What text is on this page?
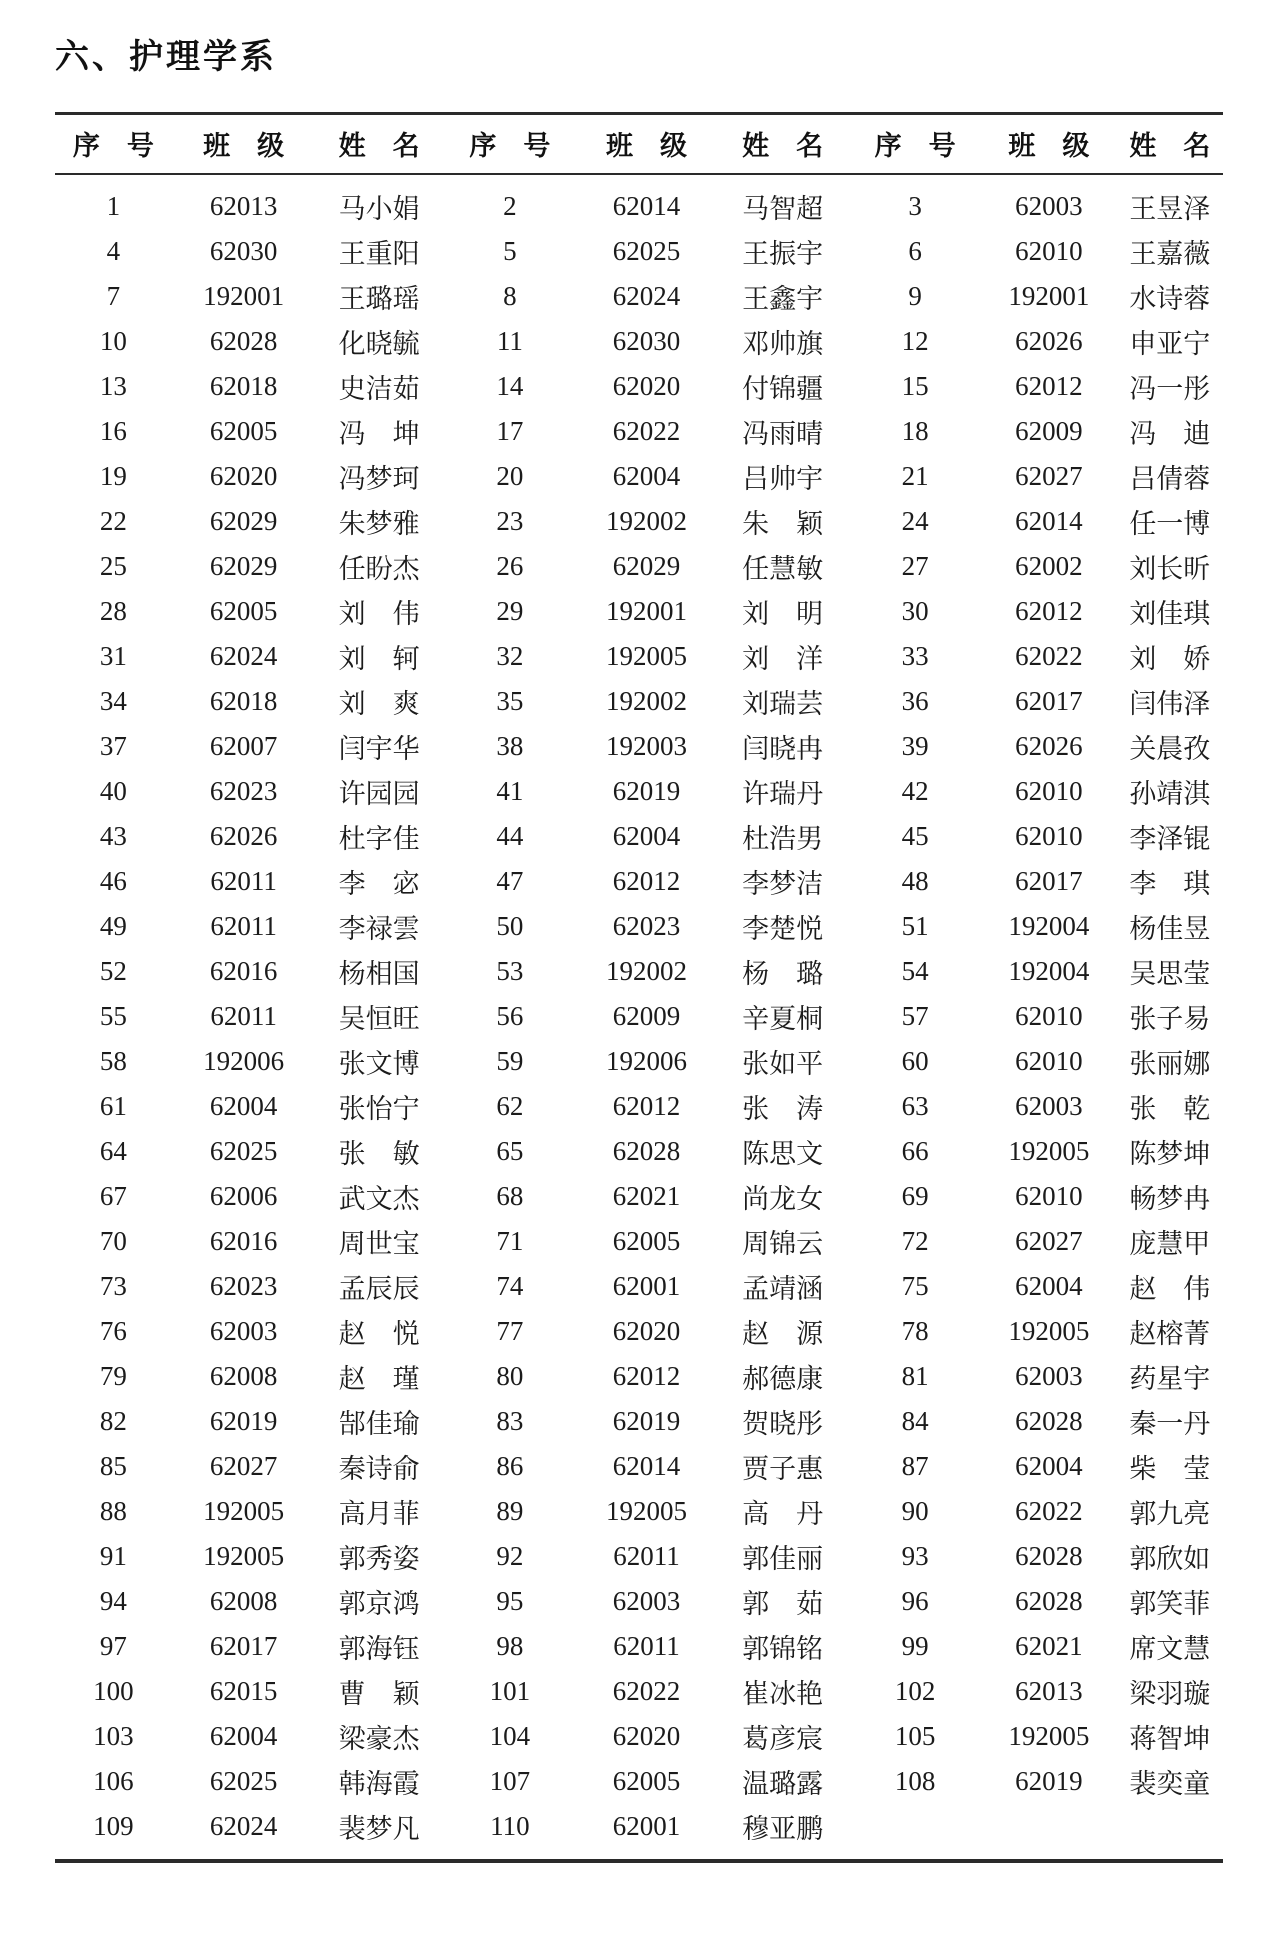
六、护理学系
序　号	班　级	姓　名	序　号	班　级	姓　名	序　号	班　级	姓　名
1	62013	马小娟	2	62014	马智超	3	62003	王昱泽
4	62030	王重阳	5	62025	王振宇	6	62010	王嘉薇
7	192001	王璐瑶	8	62024	王鑫宇	9	192001	水诗蓉
10	62028	化晓毓	11	62030	邓帅旗	12	62026	申亚宁
13	62018	史洁茹	14	62020	付锦疆	15	62012	冯一彤
16	62005	冯　坤	17	62022	冯雨晴	18	62009	冯　迪
19	62020	冯梦珂	20	62004	吕帅宇	21	62027	吕倩蓉
22	62029	朱梦雅	23	192002	朱　颖	24	62014	任一博
25	62029	任盼杰	26	62029	任慧敏	27	62002	刘长昕
28	62005	刘　伟	29	192001	刘　明	30	62012	刘佳琪
31	62024	刘　轲	32	192005	刘　洋	33	62022	刘　娇
34	62018	刘　爽	35	192002	刘瑞芸	36	62017	闫伟泽
37	62007	闫宇华	38	192003	闫晓冉	39	62026	关晨孜
40	62023	许园园	41	62019	许瑞丹	42	62010	孙靖淇
43	62026	杜字佳	44	62004	杜浩男	45	62010	李泽锟
46	62011	李　宓	47	62012	李梦洁	48	62017	李　琪
49	62011	李禄雲	50	62023	李楚悦	51	192004	杨佳昱
52	62016	杨相国	53	192002	杨　璐	54	192004	吴思莹
55	62011	吴恒旺	56	62009	辛夏桐	57	62010	张子易
58	192006	张文博	59	192006	张如平	60	62010	张丽娜
61	62004	张怡宁	62	62012	张　涛	63	62003	张　乾
64	62025	张　敏	65	62028	陈思文	66	192005	陈梦坤
67	62006	武文杰	68	62021	尚龙女	69	62010	畅梦冉
70	62016	周世宝	71	62005	周锦云	72	62027	庞慧甲
73	62023	孟辰辰	74	62001	孟靖涵	75	62004	赵　伟
76	62003	赵　悦	77	62020	赵　源	78	192005	赵榕菁
79	62008	赵　瑾	80	62012	郝德康	81	62003	药星宇
82	62019	郜佳瑜	83	62019	贺晓彤	84	62028	秦一丹
85	62027	秦诗俞	86	62014	贾子惠	87	62004	柴　莹
88	192005	高月菲	89	192005	高　丹	90	62022	郭九亮
91	192005	郭秀姿	92	62011	郭佳丽	93	62028	郭欣如
94	62008	郭京鸿	95	62003	郭　茹	96	62028	郭笑菲
97	62017	郭海钰	98	62011	郭锦铭	99	62021	席文慧
100	62015	曹　颖	101	62022	崔冰艳	102	62013	梁羽璇
103	62004	梁豪杰	104	62020	葛彦宸	105	192005	蒋智坤
106	62025	韩海霞	107	62005	温璐露	108	62019	裴奕童
109	62024	裴梦凡	110	62001	穆亚鹏			
